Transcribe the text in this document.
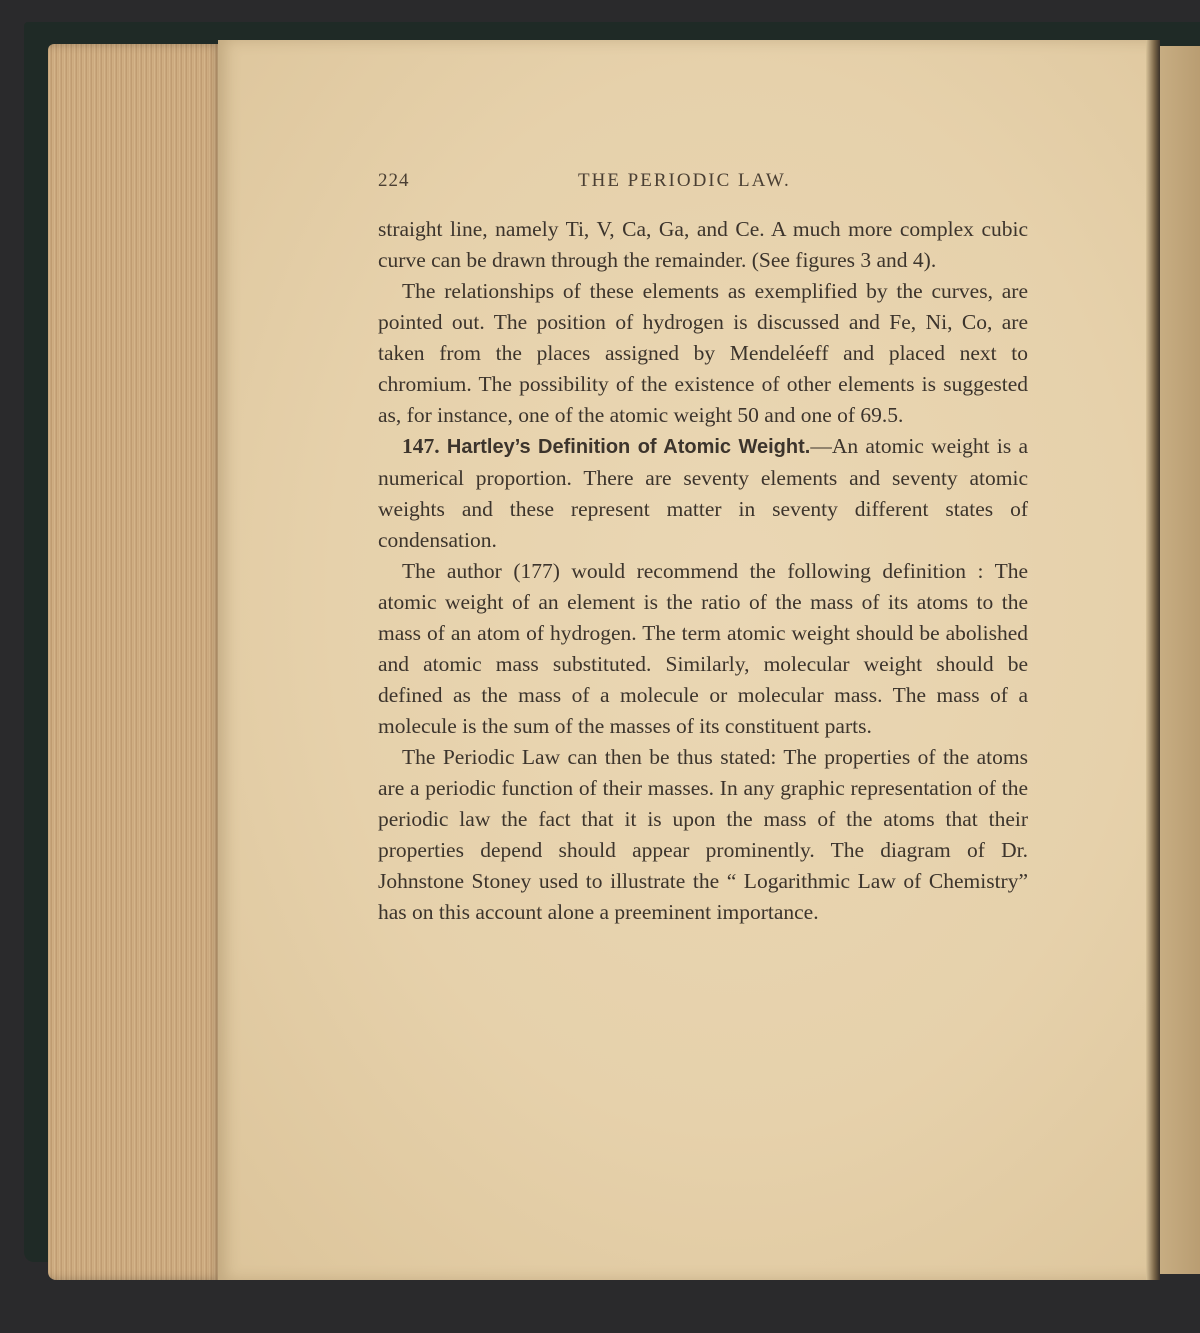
224	THE PERIODIC LAW.

straight line, namely Ti, V, Ca, Ga, and Ce. A much more complex cubic curve can be drawn through the remainder. (See figures 3 and 4).

The relationships of these elements as exemplified by the curves, are pointed out. The position of hydrogen is discussed and Fe, Ni, Co, are taken from the places assigned by Mendeléeff and placed next to chromium. The possibility of the existence of other elements is suggested as, for instance, one of the atomic weight 50 and one of 69.5.

147. Hartley’s Definition of Atomic Weight.—An atomic weight is a numerical proportion. There are seventy elements and seventy atomic weights and these represent matter in seventy different states of condensation.

The author (177) would recommend the following definition : The atomic weight of an element is the ratio of the mass of its atoms to the mass of an atom of hydrogen. The term atomic weight should be abolished and atomic mass substituted. Similarly, molecular weight should be defined as the mass of a molecule or molecular mass. The mass of a molecule is the sum of the masses of its constituent parts.

The Periodic Law can then be thus stated: The properties of the atoms are a periodic function of their masses. In any graphic representation of the periodic law the fact that it is upon the mass of the atoms that their properties depend should appear prominently. The diagram of Dr. Johnstone Stoney used to illustrate the “ Logarithmic Law of Chemistry” has on this account alone a preeminent importance.
